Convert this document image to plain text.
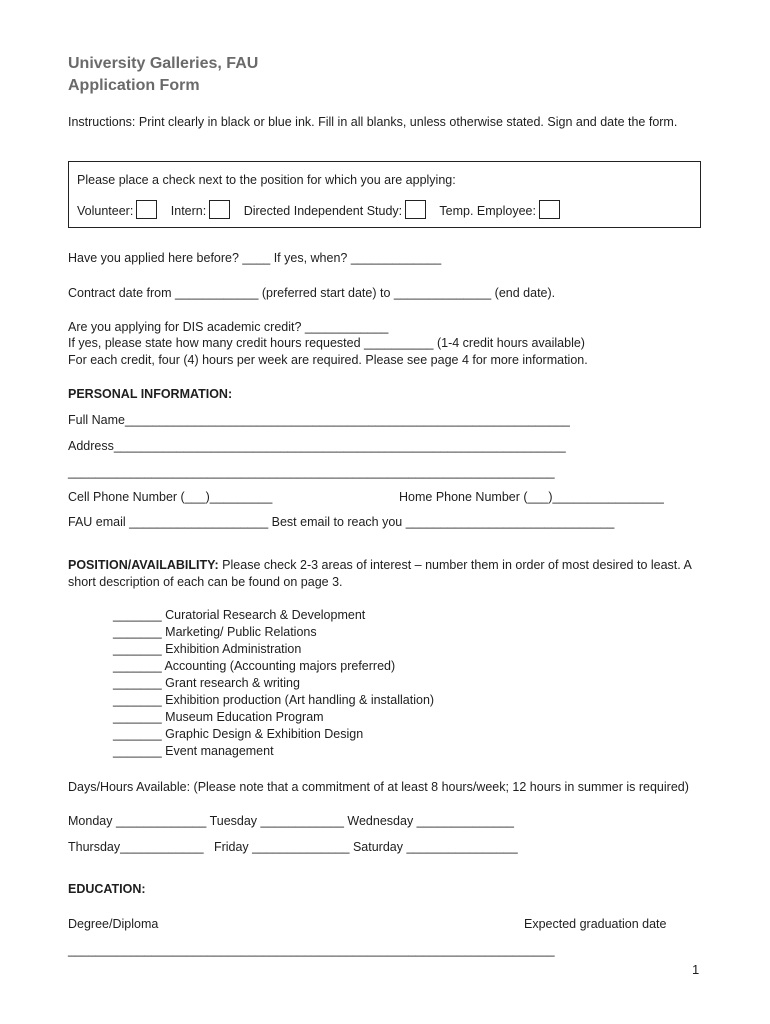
University Galleries, FAU
Application Form
Instructions: Print clearly in black or blue ink. Fill in all blanks, unless otherwise stated. Sign and date the form.
Please place a check next to the position for which you are applying:
Volunteer:	Intern:	Directed Independent Study:	Temp. Employee:
Have you applied here before? ____ If yes, when? _____________
Contract date from ____________ (preferred start date) to ______________ (end date).
Are you applying for DIS academic credit? ____________
If yes, please state how many credit hours requested __________ (1-4 credit hours available)
For each credit, four (4) hours per week are required. Please see page 4 for more information.
PERSONAL INFORMATION:
Full Name________________________________________________________________
Address_________________________________________________________________
______________________________________________________________________
Cell Phone Number (___)_________	Home Phone Number (___)________________
FAU email ____________________ Best email to reach you ______________________________
POSITION/AVAILABILITY: Please check 2-3 areas of interest – number them in order of most desired to least. A short description of each can be found on page 3.
_______ Curatorial Research & Development
_______ Marketing/ Public Relations
_______ Exhibition Administration
_______ Accounting (Accounting majors preferred)
_______ Grant research & writing
_______ Exhibition production (Art handling & installation)
_______ Museum Education Program
_______ Graphic Design & Exhibition Design
_______ Event management
Days/Hours Available: (Please note that a commitment of at least 8 hours/week; 12 hours in summer is required)
Monday _____________ Tuesday ____________ Wednesday ______________
Thursday____________   Friday ______________ Saturday ________________
EDUCATION:
Degree/Diploma	Expected graduation date
______________________________________________________________________
1
